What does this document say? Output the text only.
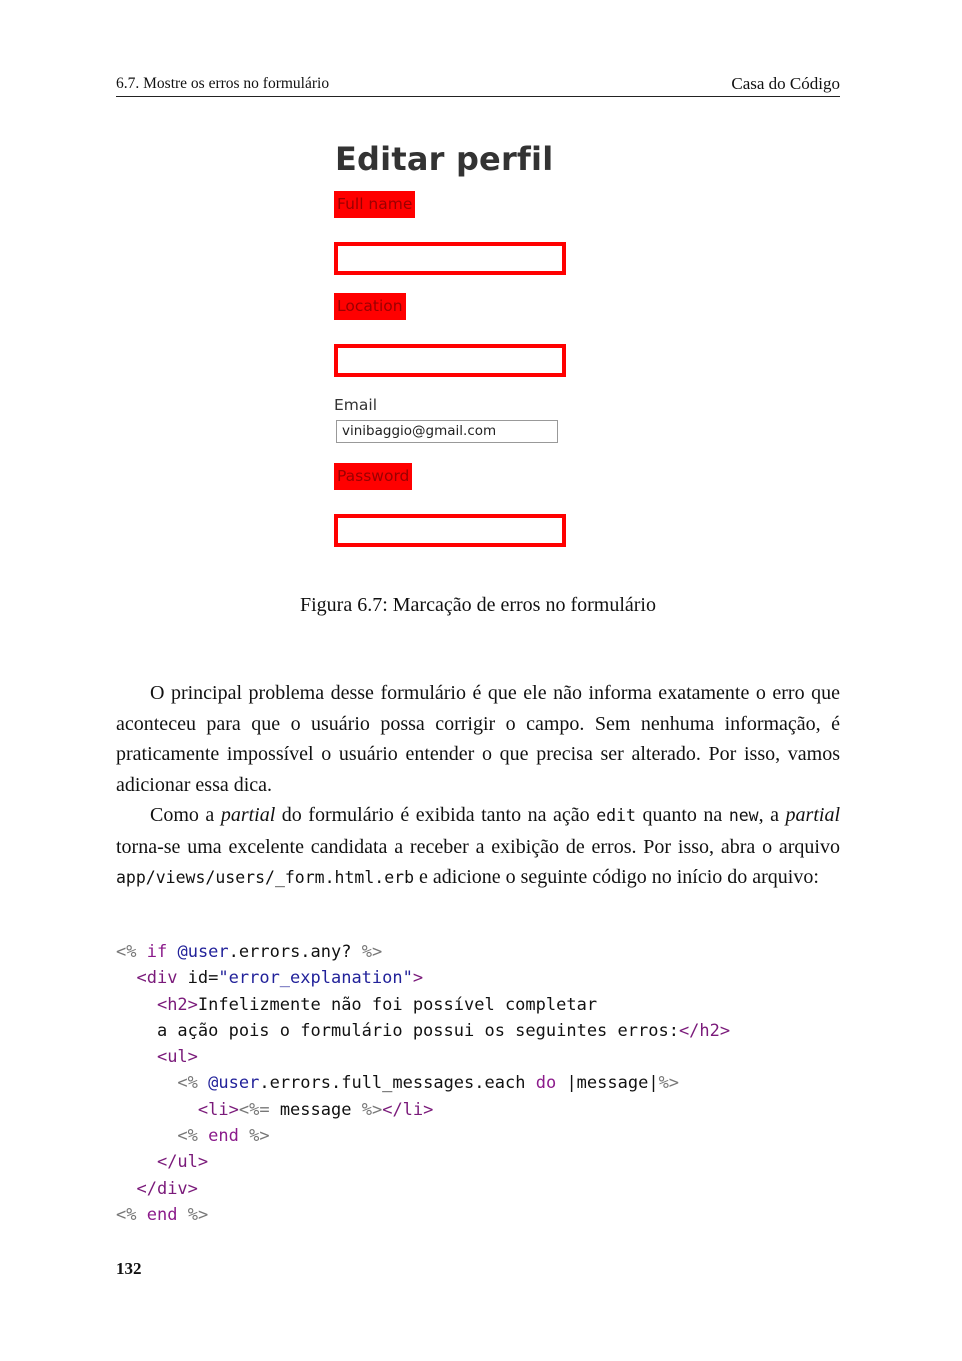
6.7. Mostre os erros no formulário	Casa do Código
Editar perfil
Full name
Location
Email
vinibaggio@gmail.com
Password
Figura 6.7: Marcação de erros no formulário

O principal problema desse formulário é que ele não informa exatamente o erro que aconteceu para que o usuário possa corrigir o campo. Sem nenhuma informação, é praticamente impossível o usuário entender o que precisa ser alterado. Por isso, vamos adicionar essa dica.

Como a partial do formulário é exibida tanto na ação edit quanto na new, a partial torna-se uma excelente candidata a receber a exibição de erros. Por isso, abra o arquivo app/views/users/_form.html.erb e adicione o seguinte código no início do arquivo:

<% if @user.errors.any? %>
<div id="error_explanation">
<h2>Infelizmente não foi possível completar
a ação pois o formulário possui os seguintes erros:</h2>
<ul>
<% @user.errors.full_messages.each do |message|%>
<li><%= message %></li>
<% end %>
</ul>
</div>
<% end %>
132
